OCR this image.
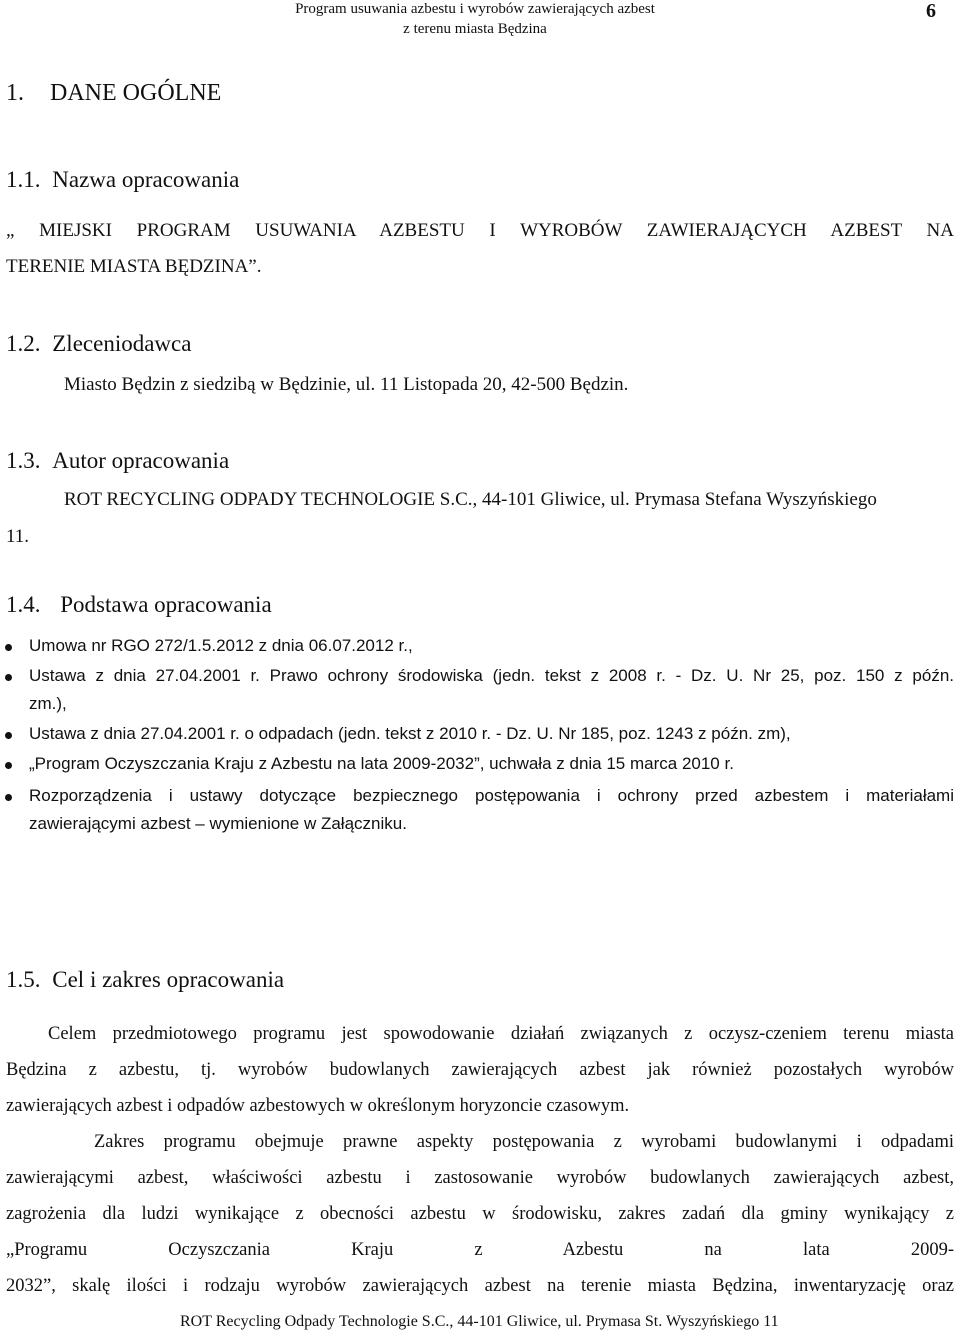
Program usuwania azbestu i wyrobów zawierających azbest
z terenu miasta Będzina
6
1. DANE OGÓLNE
1.1. Nazwa opracowania
„ MIEJSKI PROGRAM USUWANIA AZBESTU I WYROBÓW ZAWIERAJĄCYCH AZBEST NA
TERENIE MIASTA BĘDZINA”.
1.2. Zleceniodawca
Miasto Będzin z siedzibą w Będzinie, ul. 11 Listopada 20, 42-500 Będzin.
1.3. Autor opracowania
ROT RECYCLING ODPADY TECHNOLOGIE S.C., 44-101 Gliwice, ul. Prymasa Stefana Wyszyńskiego
11.
1.4. Podstawa opracowania
Umowa nr RGO 272/1.5.2012 z dnia 06.07.2012 r.,
Ustawa z dnia 27.04.2001 r. Prawo ochrony środowiska (jedn. tekst z 2008 r. - Dz. U. Nr 25, poz. 150 z późn.
zm.),
Ustawa z dnia 27.04.2001 r. o odpadach (jedn. tekst z 2010 r. - Dz. U. Nr 185, poz. 1243 z późn. zm),
„Program Oczyszczania Kraju z Azbestu na lata 2009-2032”, uchwała z dnia 15 marca 2010 r.
Rozporządzenia i ustawy dotyczące bezpiecznego postępowania i ochrony przed azbestem i materiałami
zawierającymi azbest – wymienione w Załączniku.
1.5. Cel i zakres opracowania
Celem przedmiotowego programu jest spowodowanie działań związanych z oczysz-czeniem terenu miasta
Będzina z azbestu, tj. wyrobów budowlanych zawierających azbest jak również pozostałych wyrobów
zawierających azbest i odpadów azbestowych w określonym horyzoncie czasowym.
Zakres programu obejmuje prawne aspekty postępowania z wyrobami budowlanymi i odpadami
zawierającymi azbest, właściwości azbestu i zastosowanie wyrobów budowlanych zawierających azbest,
zagrożenia dla ludzi wynikające z obecności azbestu w środowisku, zakres zadań dla gminy wynikający z
„Programu Oczyszczania Kraju z Azbestu na lata 2009-
2032”, skalę ilości i rodzaju wyrobów zawierających azbest na terenie miasta Będzina, inwentaryzację oraz
ROT Recycling Odpady Technologie S.C., 44-101 Gliwice, ul. Prymasa St. Wyszyńskiego 11
